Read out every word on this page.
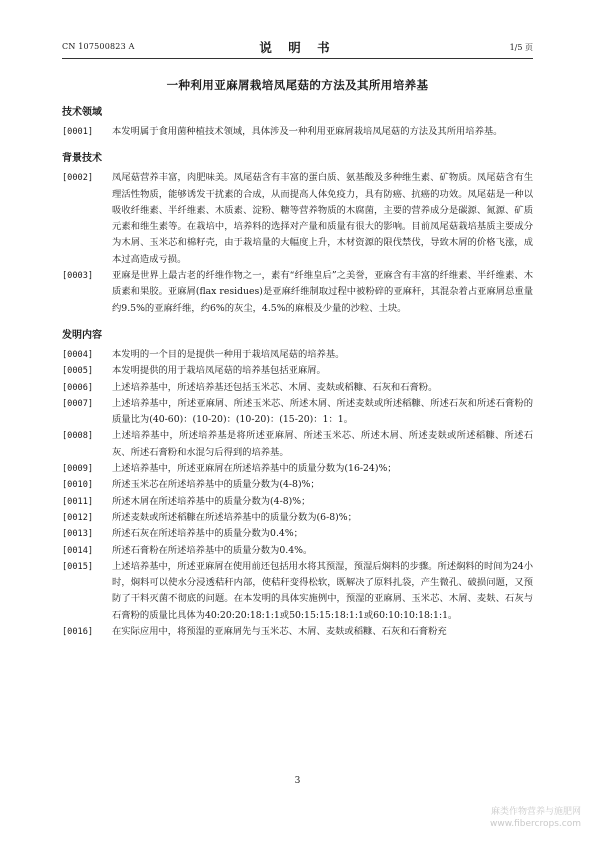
CN 107500823 A	说 明 书	1/5 页
一种利用亚麻屑栽培凤尾菇的方法及其所用培养基
技术领域
[0001] 本发明属于食用菌种植技术领域，具体涉及一种利用亚麻屑栽培凤尾菇的方法及其所用培养基。
背景技术
[0002] 凤尾菇营养丰富，肉肥味美。凤尾菇含有丰富的蛋白质、氨基酸及多种维生素、矿物质。凤尾菇含有生理活性物质，能够诱发干扰素的合成，从而提高人体免疫力，具有防癌、抗癌的功效。凤尾菇是一种以吸收纤维素、半纤维素、木质素、淀粉、糖等营养物质的木腐菌，主要的营养成分是碳源、氮源、矿质元素和维生素等。在栽培中，培养料的选择对产量和质量有很大的影响。目前凤尾菇栽培基质主要成分为木屑、玉米芯和棉籽壳，由于栽培量的大幅度上升，木材资源的限伐禁伐，导致木屑的价格飞涨，成本过高造成亏损。
[0003] 亚麻是世界上最古老的纤维作物之一，素有“纤维皇后”之美誉，亚麻含有丰富的纤维素、半纤维素、木质素和果胶。亚麻屑(flax residues)是亚麻纤维制取过程中被粉碎的亚麻秆，其混杂着占亚麻屑总重量约9.5%的亚麻纤维，约6%的灰尘，4.5%的麻根及少量的沙粒、土块。
发明内容
[0004] 本发明的一个目的是提供一种用于栽培凤尾菇的培养基。
[0005] 本发明提供的用于栽培凤尾菇的培养基包括亚麻屑。
[0006] 上述培养基中，所述培养基还包括玉米芯、木屑、麦麸或稻糠、石灰和石膏粉。
[0007] 上述培养基中，所述亚麻屑、所述玉米芯、所述木屑、所述麦麸或所述稻糠、所述石灰和所述石膏粉的质量比为(40-60)：(10-20)：(10-20)：(15-20)：1：1。
[0008] 上述培养基中，所述培养基是将所述亚麻屑、所述玉米芯、所述木屑、所述麦麸或所述稻糠、所述石灰、所述石膏粉和水混匀后得到的培养基。
[0009] 上述培养基中，所述亚麻屑在所述培养基中的质量分数为(16-24)%；
[0010] 所述玉米芯在所述培养基中的质量分数为(4-8)%；
[0011] 所述木屑在所述培养基中的质量分数为(4-8)%；
[0012] 所述麦麸或所述稻糠在所述培养基中的质量分数为(6-8)%；
[0013] 所述石灰在所述培养基中的质量分数为0.4%；
[0014] 所述石膏粉在所述培养基中的质量分数为0.4%。
[0015] 上述培养基中，所述亚麻屑在使用前还包括用水将其预湿，预湿后焖料的步骤。所述焖料的时间为24小时，焖料可以使水分浸透秸秆内部，使秸秆变得松软，既解决了原料扎袋，产生微孔、破损问题，又预防了干料灭菌不彻底的问题。在本发明的具体实施例中，预湿的亚麻屑、玉米芯、木屑、麦麸、石灰与石膏粉的质量比具体为40:20:20:18:1:1或50:15:15:18:1:1或60:10:10:18:1:1。
[0016] 在实际应用中，将预湿的亚麻屑先与玉米芯、木屑、麦麸或稻糠、石灰和石膏粉充
3
麻类作物营养与施肥网
www.fibercrops.com
